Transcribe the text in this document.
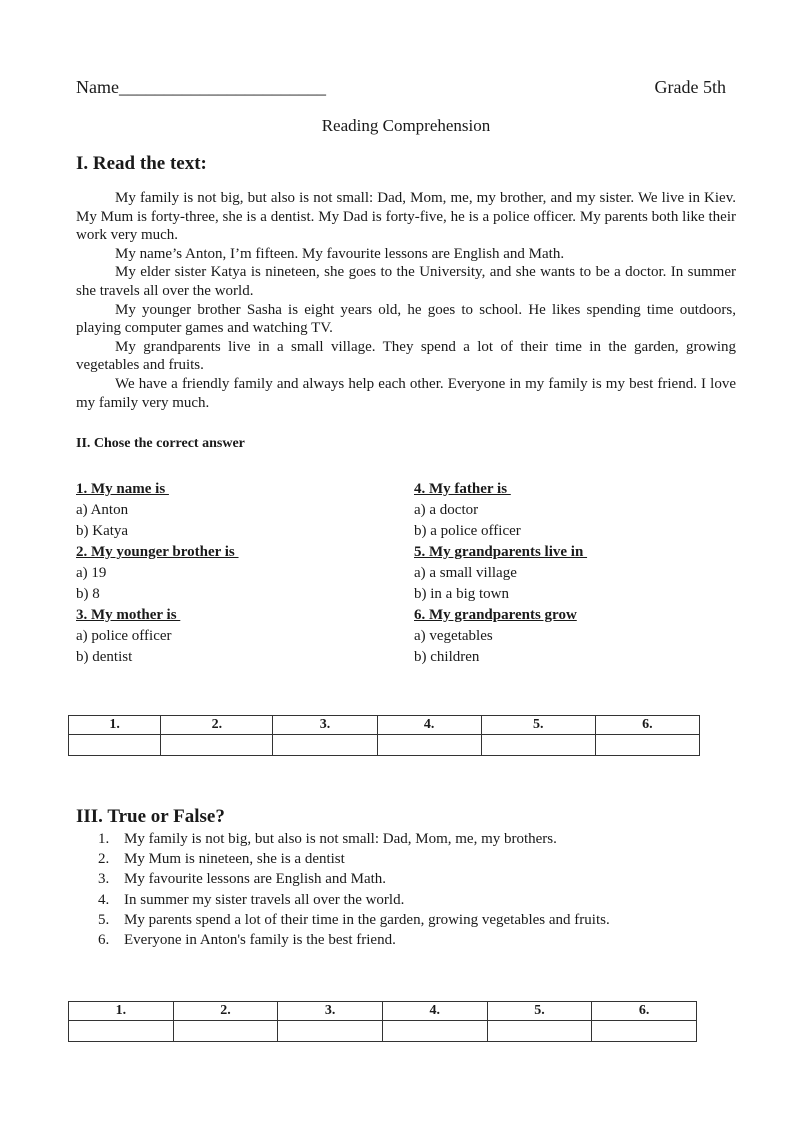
Name_______________________	Grade 5th
Reading Comprehension
I. Read the text:

My family is not big, but also is not small: Dad, Mom, me, my brother, and my sister. We live in Kiev. My Mum is forty-three, she is a dentist. My Dad is forty-five, he is a police officer. My parents both like their work very much.

My name’s Anton, I’m fifteen. My favourite lessons are English and Math.

My elder sister Katya is nineteen, she goes to the University, and she wants to be a doctor. In summer she travels all over the world.

My younger brother Sasha is eight years old, he goes to school. He likes spending time outdoors, playing computer games and watching TV.

My grandparents live in a small village. They spend a lot of their time in the garden, growing vegetables and fruits.

We have a friendly family and always help each other. Everyone in my family is my best friend. I love my family very much.

II. Chose the correct answer
1. My name is
a) Anton
b) Katya
2. My younger brother is
a) 19
b) 8
3. My mother is
a) police officer
b) dentist
4. My father is
a) a doctor
b) a police officer
5. My grandparents live in
a) a small village
b) in a big town
6. My grandparents grow
a) vegetables
b) children
1.	2.	3.	4.	5.	6.

III. True or False?
1. My family is not big, but also is not small: Dad, Mom, me, my brothers.
2. My Mum is nineteen, she is a dentist
3. My favourite lessons are English and Math.
4. In summer my sister travels all over the world.
5. My parents spend a lot of their time in the garden, growing vegetables and fruits.
6. Everyone in Anton's family is the best friend.
1.	2.	3.	4.	5.	6.
